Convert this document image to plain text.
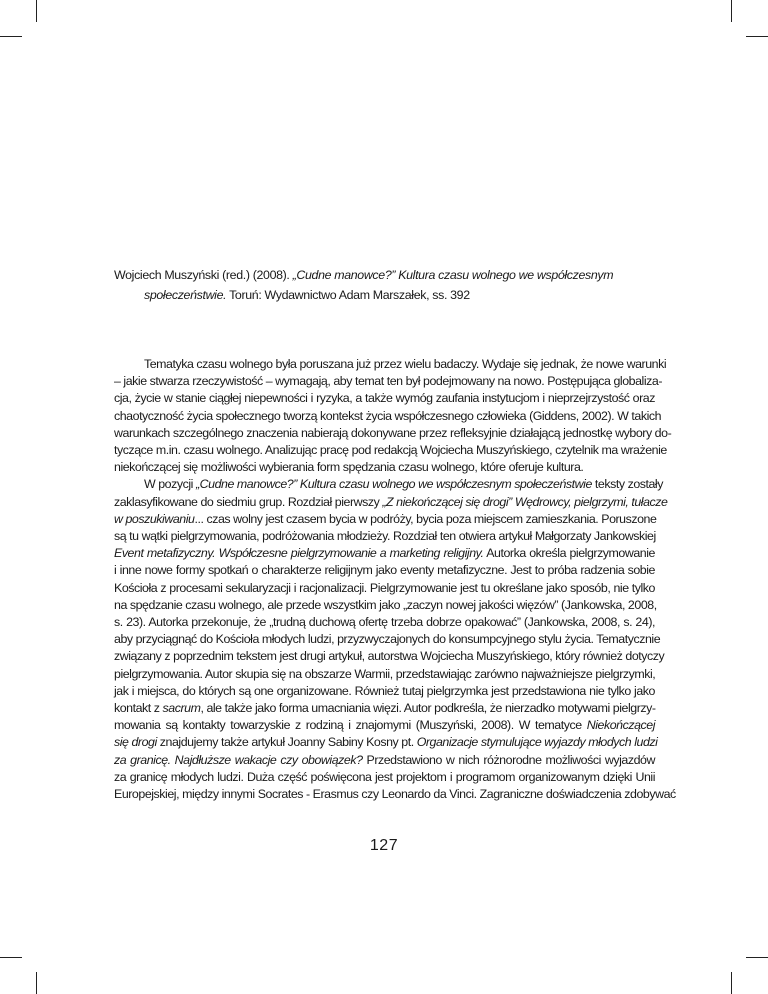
Wojciech Muszyński (red.) (2008). „Cudne manowce?” Kultura czasu wolnego we współczesnym
społeczeństwie. Toruń: Wydawnictwo Adam Marszałek, ss. 392
Tematyka czasu wolnego była poruszana już przez wielu badaczy. Wydaje się jednak, że nowe warunki
– jakie stwarza rzeczywistość – wymagają, aby temat ten był podejmowany na nowo. Postępująca globaliza-
cja, życie w stanie ciągłej niepewności i ryzyka, a także wymóg zaufania instytucjom i nieprzejrzystość oraz
chaotyczność życia społecznego tworzą kontekst życia współczesnego człowieka (Giddens, 2002). W takich
warunkach szczególnego znaczenia nabierają dokonywane przez refleksyjnie działającą jednostkę wybory do-
tyczące m.in. czasu wolnego. Analizując pracę pod redakcją Wojciecha Muszyńskiego, czytelnik ma wrażenie
niekończącej się możliwości wybierania form spędzania czasu wolnego, które oferuje kultura.
W pozycji „Cudne manowce?” Kultura czasu wolnego we współczesnym społeczeństwie teksty zostały
zaklasyfikowane do siedmiu grup. Rozdział pierwszy „Z niekończącej się drogi” Wędrowcy, pielgrzymi, tułacze
w poszukiwaniu... czas wolny jest czasem bycia w podróży, bycia poza miejscem zamieszkania. Poruszone
są tu wątki pielgrzymowania, podróżowania młodzieży. Rozdział ten otwiera artykuł Małgorzaty Jankowskiej
Event metafizyczny. Współczesne pielgrzymowanie a marketing religijny. Autorka określa pielgrzymowanie
i inne nowe formy spotkań o charakterze religijnym jako eventy metafizyczne. Jest to próba radzenia sobie
Kościoła z procesami sekularyzacji i racjonalizacji. Pielgrzymowanie jest tu określane jako sposób, nie tylko
na spędzanie czasu wolnego, ale przede wszystkim jako „zaczyn nowej jakości więzów” (Jankowska, 2008,
s. 23). Autorka przekonuje, że „trudną duchową ofertę trzeba dobrze opakować” (Jankowska, 2008, s. 24),
aby przyciągnąć do Kościoła młodych ludzi, przyzwyczajonych do konsumpcyjnego stylu życia. Tematycznie
związany z poprzednim tekstem jest drugi artykuł, autorstwa Wojciecha Muszyńskiego, który również dotyczy
pielgrzymowania. Autor skupia się na obszarze Warmii, przedstawiając zarówno najważniejsze pielgrzymki,
jak i miejsca, do których są one organizowane. Również tutaj pielgrzymka jest przedstawiona nie tylko jako
kontakt z sacrum, ale także jako forma umacniania więzi. Autor podkreśla, że nierzadko motywami pielgrzy-
mowania są kontakty towarzyskie z rodziną i znajomymi (Muszyński, 2008). W tematyce Niekończącej
się drogi znajdujemy także artykuł Joanny Sabiny Kosny pt. Organizacje stymulujące wyjazdy młodych ludzi
za granicę. Najdłuższe wakacje czy obowiązek? Przedstawiono w nich różnorodne możliwości wyjazdów
za granicę młodych ludzi. Duża część poświęcona jest projektom i programom organizowanym dzięki Unii
Europejskiej, między innymi Socrates - Erasmus czy Leonardo da Vinci. Zagraniczne doświadczenia zdobywać
127
